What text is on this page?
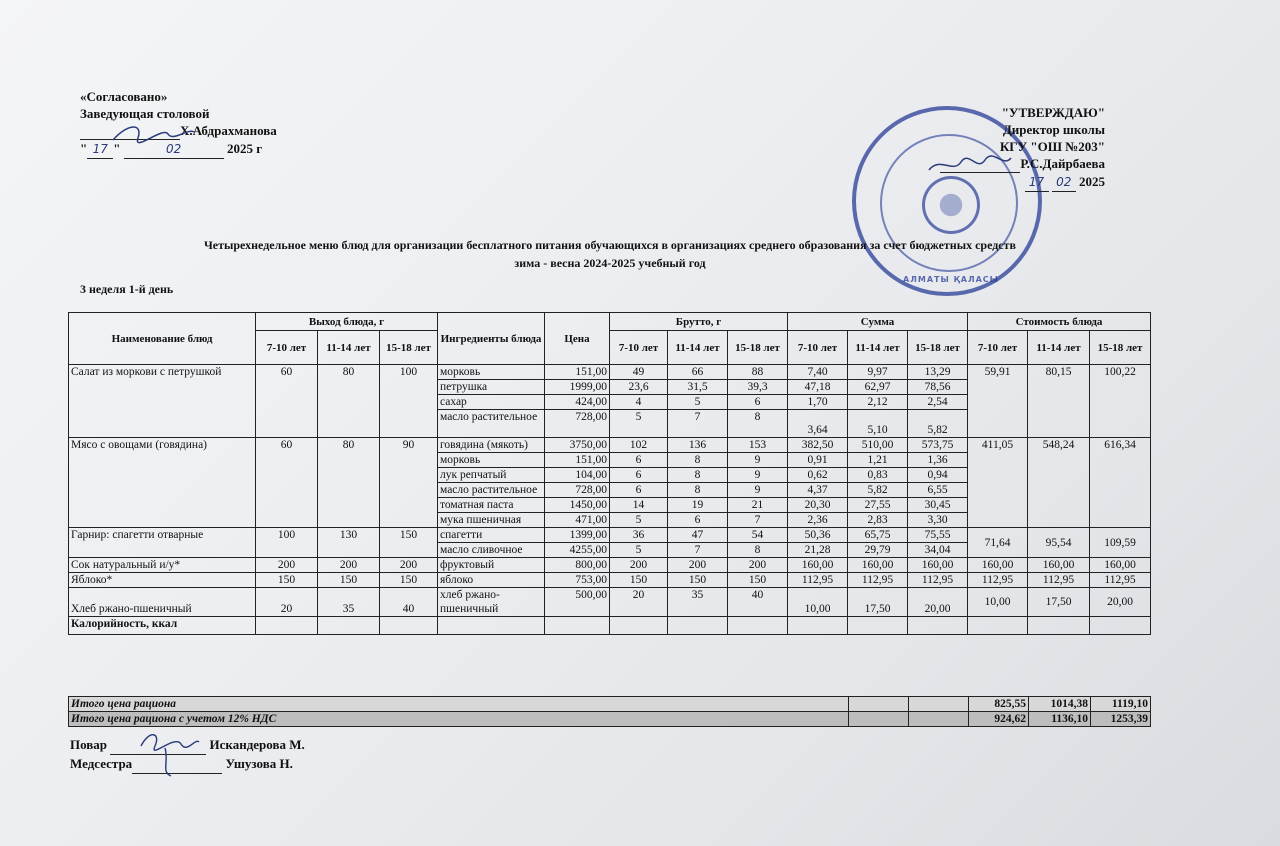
«Согласовано»
Заведующая столовой
Х.Абдрахманова
" 17 "	02	2025 г
АЛМАТЫ ҚАЛАСЫ
"УТВЕРЖДАЮ"
Директор школы
КГУ "ОШ №203"
Р.С.Дайрбаева
17 02 2025
Четырехнедельное меню блюд для организации бесплатного питания обучающихся в организациях среднего образования за счет бюджетных средств
зима - весна 2024-2025 учебный год
3 неделя 1-й день
Наименование блюд	Выход блюда, г			Ингредиенты блюда	Цена	Брутто, г			Сумма			Стоимость блюда		
	7-10 лет	11-14 лет	15-18 лет			7-10 лет	11-14 лет	15-18 лет	7-10 лет	11-14 лет	15-18 лет	7-10 лет	11-14 лет	15-18 лет
Салат из моркови с петрушкой	60	80	100	морковь	151,00	49	66	88	7,40	9,97	13,29	59,91	80,15	100,22
				петрушка	1999,00	23,6	31,5	39,3	47,18	62,97	78,56			
				сахар	424,00	4	5	6	1,70	2,12	2,54			
				масло растительное	728,00	5	7	8	3,64	5,10	5,82			
Мясо с овощами (говядина)	60	80	90	говядина (мякоть)	3750,00	102	136	153	382,50	510,00	573,75	411,05	548,24	616,34
				морковь	151,00	6	8	9	0,91	1,21	1,36			
				лук репчатый	104,00	6	8	9	0,62	0,83	0,94			
				масло растительное	728,00	6	8	9	4,37	5,82	6,55			
				томатная паста	1450,00	14	19	21	20,30	27,55	30,45			
				мука пшеничная	471,00	5	6	7	2,36	2,83	3,30			
Гарнир: спагетти отварные	100	130	150	спагетти	1399,00	36	47	54	50,36	65,75	75,55	71,64	95,54	109,59
				масло сливочное	4255,00	5	7	8	21,28	29,79	34,04			
Сок натуральный и/у*	200	200	200	фруктовый	800,00	200	200	200	160,00	160,00	160,00	160,00	160,00	160,00
Яблоко*	150	150	150	яблоко	753,00	150	150	150	112,95	112,95	112,95	112,95	112,95	112,95
Хлеб ржано-пшеничный	20	35	40	хлеб ржано-пшеничный	500,00	20	35	40	10,00	17,50	20,00	10,00	17,50	20,00
Калорийность, ккал														
Итого цена рациона			825,55	1014,38	1119,10
Итого цена рациона с учетом 12% НДС			924,62	1136,10	1253,39
Повар	Искандерова М.
Медсестра	Ушузова Н.
